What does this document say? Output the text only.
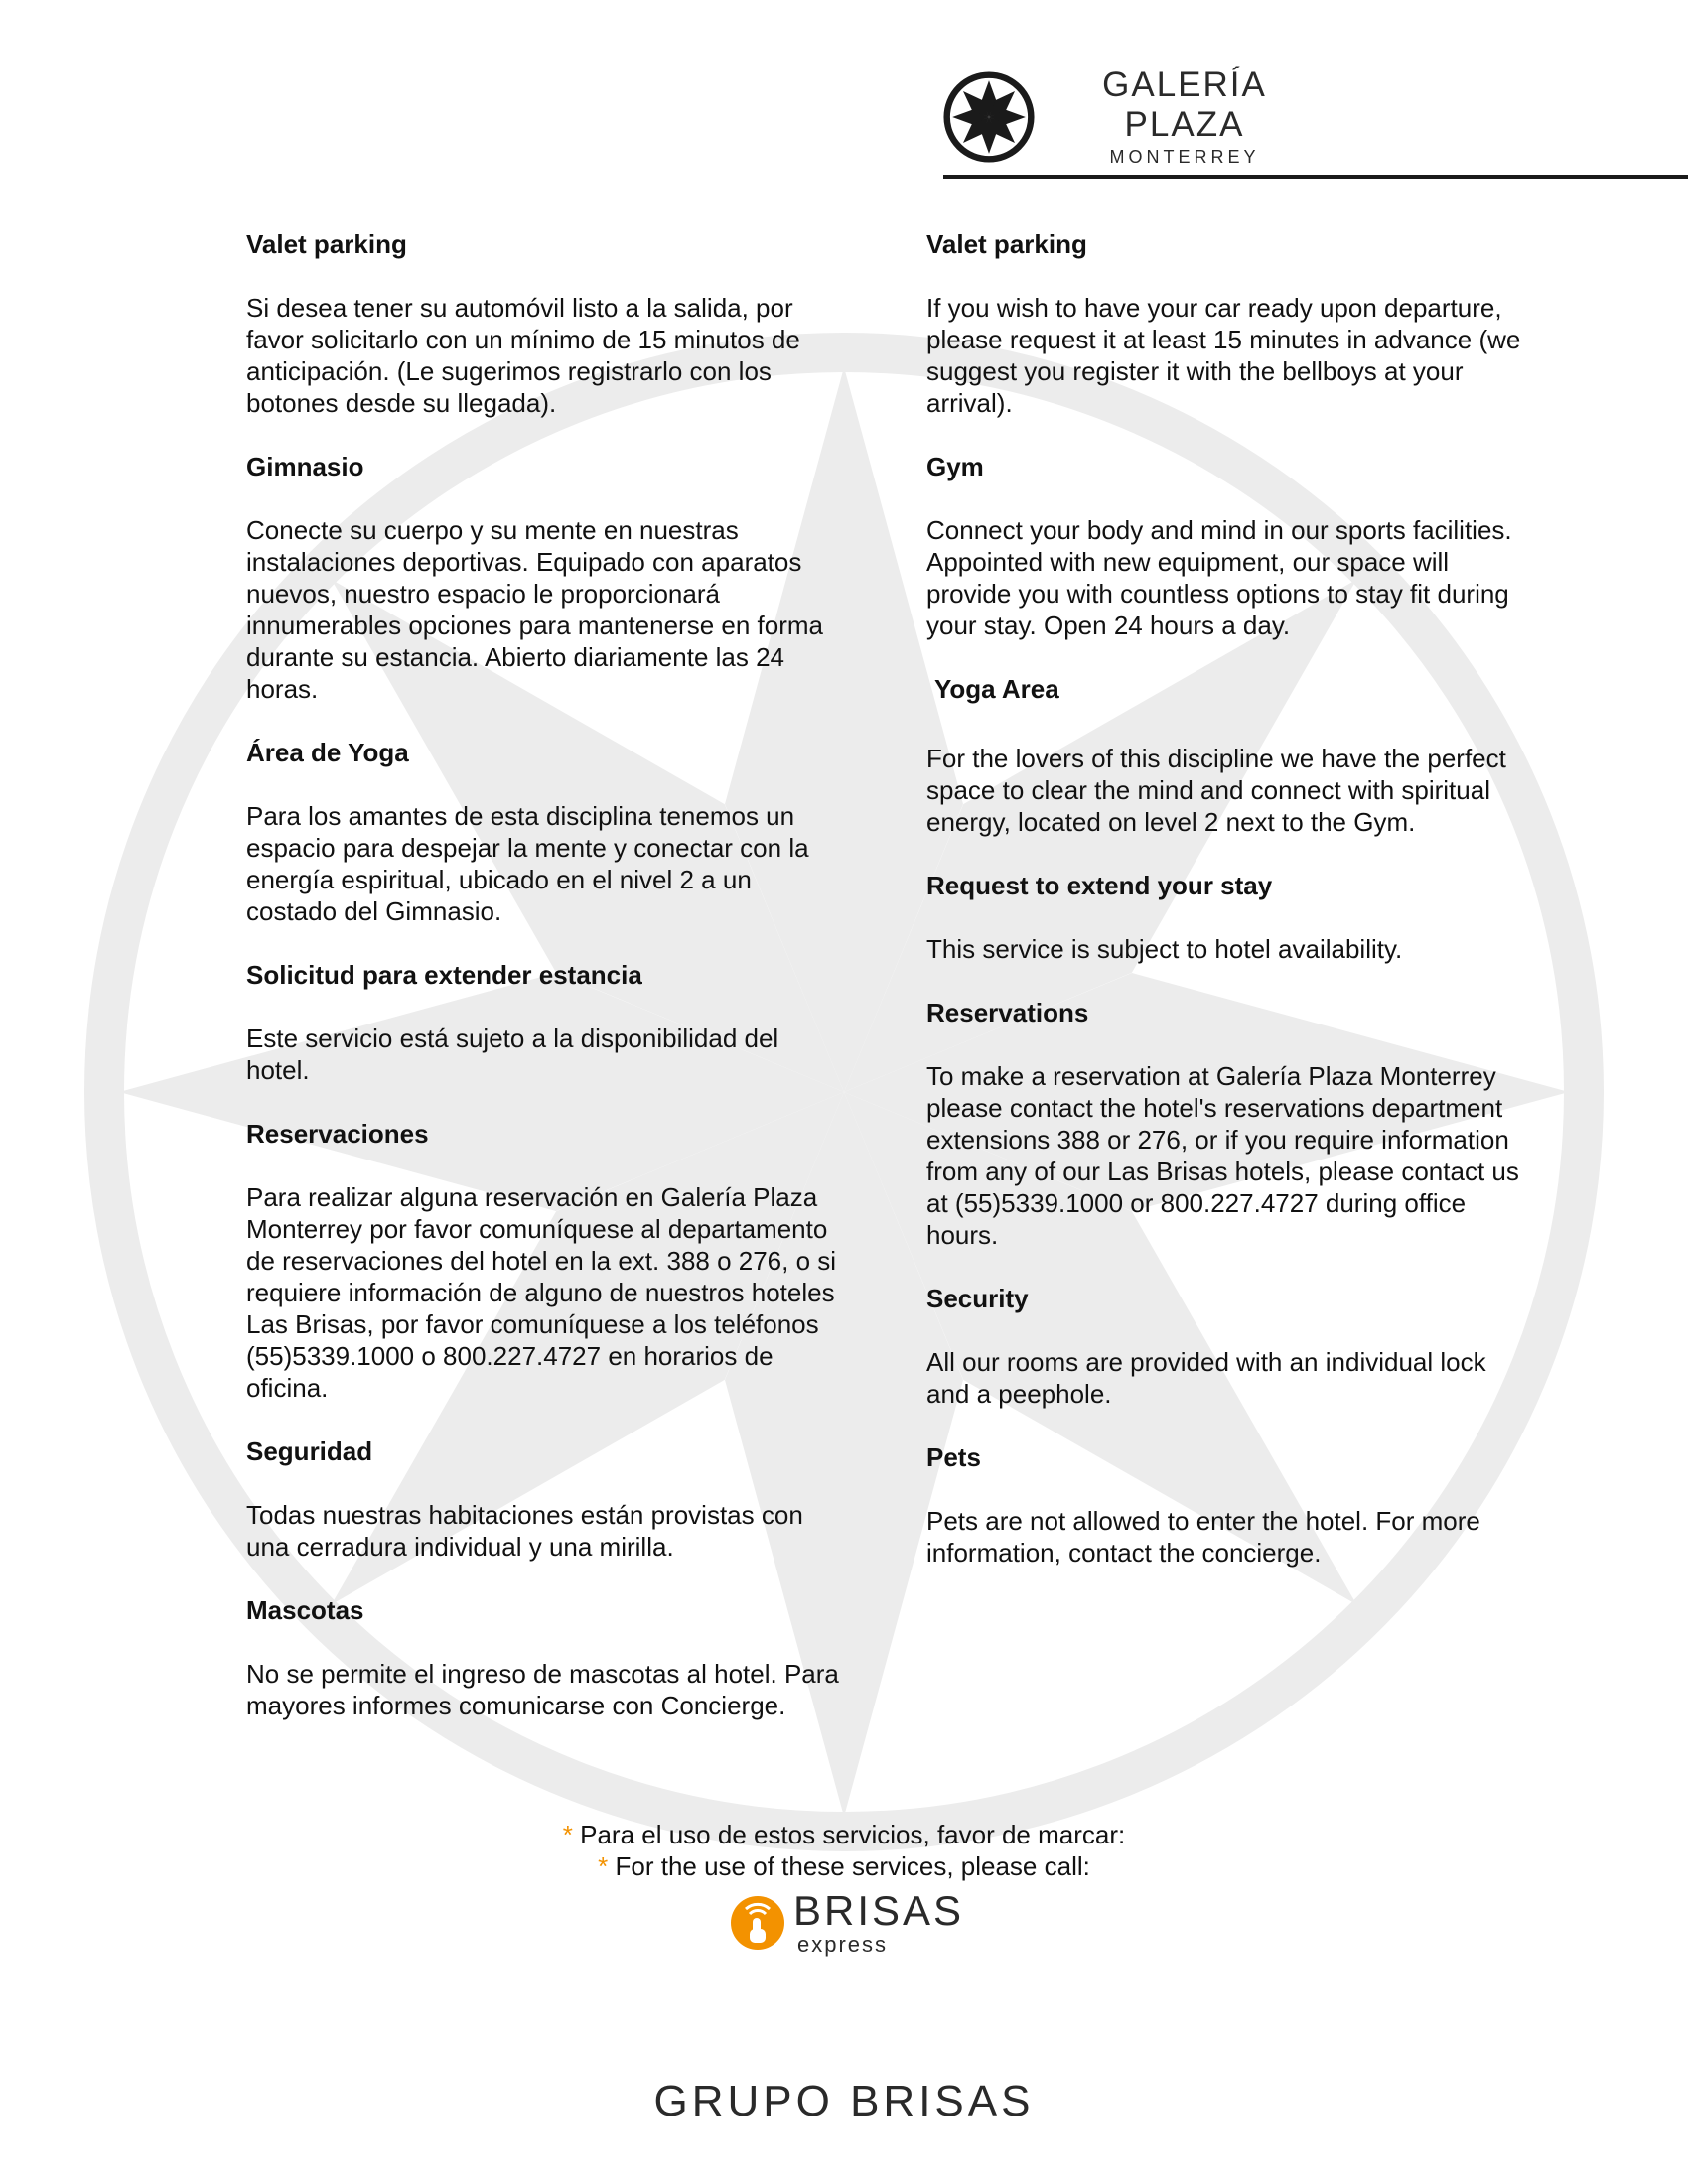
GALERÍA PLAZA
MONTERREY

Valet parking

Si desea tener su automóvil listo a la salida, por favor solicitarlo con un mínimo de 15 minutos de anticipación. (Le sugerimos registrarlo con los botones desde su llegada).

Gimnasio

Conecte su cuerpo y su mente en nuestras instalaciones deportivas. Equipado con aparatos nuevos, nuestro espacio le proporcionará innumerables opciones para mantenerse en forma durante su estancia. Abierto diariamente las 24 horas.

Área de Yoga

Para los amantes de esta disciplina tenemos un espacio para despejar la mente y conectar con la energía espiritual, ubicado en el nivel 2 a un costado del Gimnasio.

Solicitud para extender estancia

Este servicio está sujeto a la disponibilidad del hotel.

Reservaciones

Para realizar alguna reservación en Galería Plaza Monterrey por favor comuníquese al departamento de reservaciones del hotel en la ext. 388 o 276, o si requiere información de alguno de nuestros hoteles Las Brisas, por favor comuníquese a los teléfonos (55)5339.1000 o 800.227.4727 en horarios de oficina.

Seguridad

Todas nuestras habitaciones están provistas con una cerradura individual y una mirilla.

Mascotas

No se permite el ingreso de mascotas al hotel. Para mayores informes comunicarse con Concierge.

Valet parking

If you wish to have your car ready upon departure, please request it at least 15 minutes in advance (we suggest you register it with the bellboys at your arrival).

Gym

Connect your body and mind in our sports facilities. Appointed with new equipment, our space will provide you with countless options to stay fit during your stay. Open 24 hours a day.

Yoga Area

For the lovers of this discipline we have the perfect space to clear the mind and connect with spiritual energy, located on level 2 next to the Gym.

Request to extend your stay

This service is subject to hotel availability.

Reservations

To make a reservation at Galería Plaza Monterrey please contact the hotel's reservations department extensions 388 or 276, or if you require information from any of our Las Brisas hotels, please contact us at (55)5339.1000 or 800.227.4727 during office hours.

Security

All our rooms are provided with an individual lock and a peephole.

Pets

Pets are not allowed to enter the hotel. For more information, contact the concierge.

* Para el uso de estos servicios, favor de marcar:
* For the use of these services, please call:
BRISAS
express
GRUPO BRISAS
